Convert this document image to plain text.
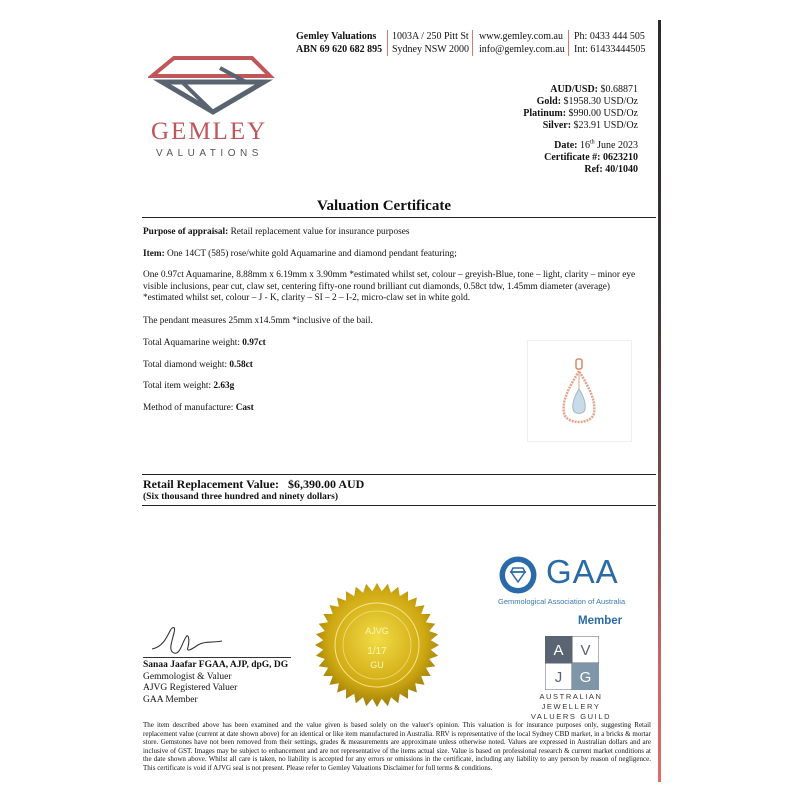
Gemley Valuations
ABN 69 620 682 895
1003A / 250 Pitt St
Sydney NSW 2000
www.gemley.com.au
info@gemley.com.au
Ph: 0433 444 505
Int: 61433444505
GEMLEY
VALUATIONS
AUD/USD: $0.68871
Gold: $1958.30 USD/Oz
Platinum: $990.00 USD/Oz
Silver: $23.91 USD/Oz
Date: 16th June 2023
Certificate #: 0623210
Ref: 40/1040
Valuation Certificate
Purpose of appraisal: Retail replacement value for insurance purposes
Item: One 14CT (585) rose/white gold Aquamarine and diamond pendant featuring;
One 0.97ct Aquamarine, 8.88mm x 6.19mm x 3.90mm *estimated whilst set, colour – greyish-Blue, tone – light, clarity – minor eye visible inclusions, pear cut, claw set, centering fifty-one round brilliant cut diamonds, 0.58ct tdw, 1.45mm diameter (average) *estimated whilst set, colour – J - K, clarity – SI – 2 – I-2, micro-claw set in white gold.
The pendant measures 25mm x14.5mm *inclusive of the bail.
Total Aquamarine weight: 0.97ct
Total diamond weight: 0.58ct
Total item weight: 2.63g
Method of manufacture: Cast
Retail Replacement Value: $6,390.00 AUD
(Six thousand three hundred and ninety dollars)
GAA
Gemmological Association of Australia
Member
A V
J G
AUSTRALIAN JEWELLERY
VALUERS GUILD
AJVG
1/17
GU
Sanaa Jaafar FGAA, AJP, dpG, DG
Gemmologist & Valuer
AJVG Registered Valuer
GAA Member
The item described above has been examined and the value given is based solely on the valuer's opinion. This valuation is for insurance purposes only, suggesting Retail replacement value (current at date shown above) for an identical or like item manufactured in Australia. RRV is representative of the local Sydney CBD market, in a bricks & mortar store. Gemstones have not been removed from their settings, grades & measurements are approximate unless otherwise noted. Values are expressed in Australian dollars and are inclusive of GST. Images may be subject to enhancement and are not representative of the items actual size. Value is based on professional research & current market conditions at the date shown above. Whilst all care is taken, no liability is accepted for any errors or omissions in the certificate, including any liability to any person by reason of negligence. This certificate is void if AJVG seal is not present. Please refer to Gemley Valuations Disclaimer for full terms & conditions.
